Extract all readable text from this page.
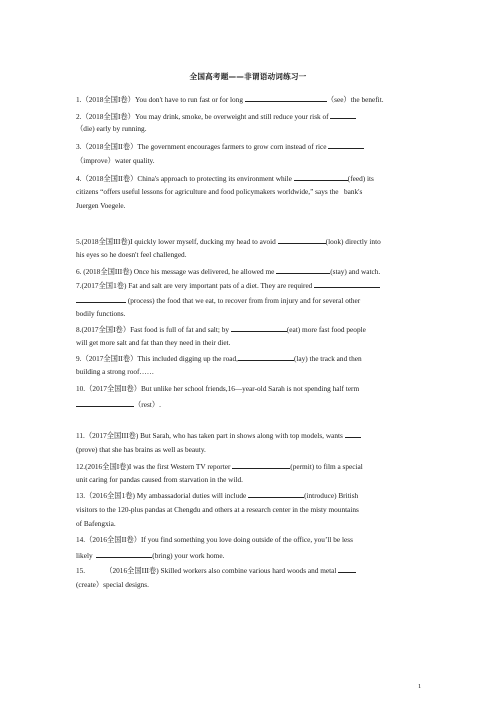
全国高考题——非谓语动词练习一
1.（2018全国I卷）You don't have to run fast or for long	（see）the benefit.
2.（2018全国I卷）You may drink, smoke, be overweight and still reduce your risk of
（die) early by running.
3.（2018全国II卷）The government encourages farmers to grow corn instead of rice
（improve）water quality.
4.（2018全国II卷）China's approach to protecting its environment while	(feed) its
citizens “offers useful lessons for agriculture and food policymakers worldwide,” says the bank's
Juergen Voegele.
5.(2018全国III卷)I quickly lower myself, ducking my head to avoid	(look) directly into
his eyes so he doesn't feel challenged.
6. (2018全国III卷) Once his message was delivered, he allowed me	(stay) and watch.
7.(2017全国1卷) Fat and salt are very important pats of a diet. They are required
(process) the food that we eat, to recover from from injury and for several other
bodily functions.
8.(2017全国I卷）Fast food is full of fat and salt; by	(eat) more fast food people
will get more salt and fat than they need in their diet.
9.（2017全国II卷）This included digging up the road,	(lay) the track and then
building a strong roof……
10.（2017全国II卷）But unlike her school friends,16—year-old Sarah is not spending half term
（rest）.
11.（2017全国III卷) But Sarah, who has taken part in shows along with top models, wants
(prove) that she has brains as well as beauty.
12.(2016全国I卷)I was the first Western TV reporter	(permit) to film a special
unit caring for pandas caused from starvation in the wild.
13.（2016全国1卷) My ambassadorial duties will include	(introduce) British
visitors to the 120-plus pandas at Chengdu and others at a research center in the misty mountains
of Bafengxia.
14.（2016全国II卷）If you find something you love doing outside of the office, you’ll be less
likely	(bring) your work home.
15.	（2016全国III卷) Skilled workers also combine various hard woods and metal
(create）special designs.
1
